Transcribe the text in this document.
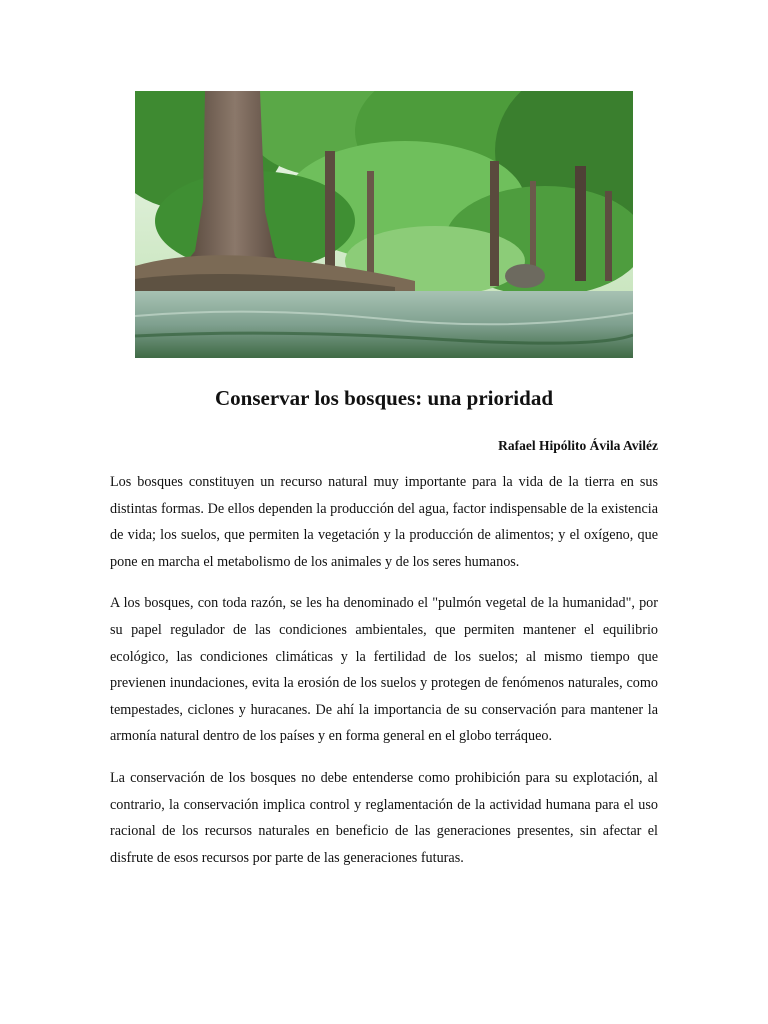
Conservar los bosques: una prioridad
Rafael Hipólito Ávila Aviléz

Los bosques constituyen un recurso natural muy importante para la vida de la tierra en sus distintas formas. De ellos dependen la producción del agua, factor indispensable de la existencia de vida; los suelos, que permiten la vegetación y la producción de alimentos; y el oxígeno, que pone en marcha el metabolismo de los animales y de los seres humanos.

A los bosques, con toda razón, se les ha denominado el "pulmón vegetal de la humanidad", por su papel regulador de las condiciones ambientales, que permiten mantener el equilibrio ecológico, las condiciones climáticas y la fertilidad de los suelos; al mismo tiempo que previenen inundaciones, evita la erosión de los suelos y protegen de fenómenos naturales, como tempestades, ciclones y huracanes. De ahí la importancia de su conservación para mantener la armonía natural dentro de los países y en forma general en el globo terráqueo.

La conservación de los bosques no debe entenderse como prohibición para su explotación, al contrario, la conservación implica control y reglamentación de la actividad humana para el uso racional de los recursos naturales en beneficio de las generaciones presentes, sin afectar el disfrute de esos recursos por parte de las generaciones futuras.
